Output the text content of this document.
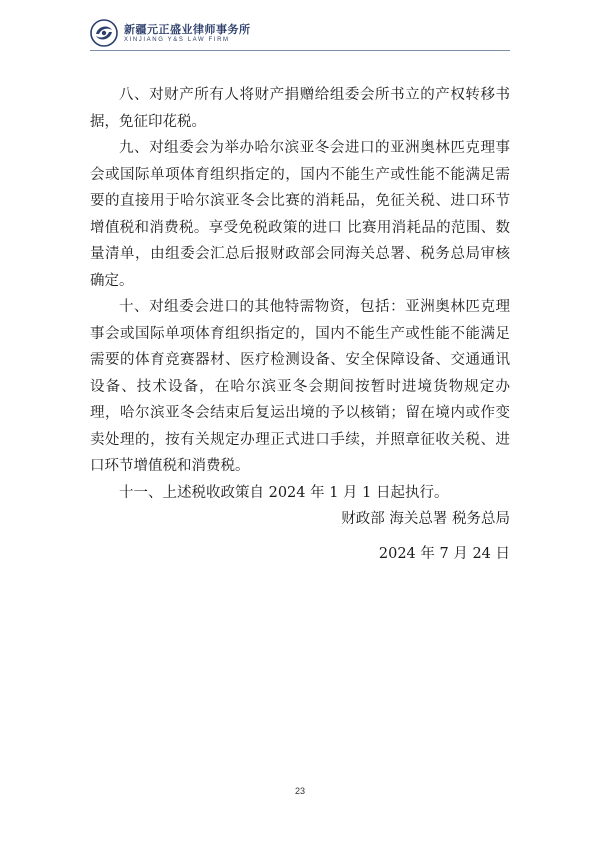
新疆元正盛业律师事务所
XINJIANG Y&S LAW FIRM

八、对财产所有人将财产捐赠给组委会所书立的产权转移书据，免征印花税。

九、对组委会为举办哈尔滨亚冬会进口的亚洲奥林匹克理事会或国际单项体育组织指定的，国内不能生产或性能不能满足需要的直接用于哈尔滨亚冬会比赛的消耗品，免征关税、进口环节增值税和消费税。享受免税政策的进口 比赛用消耗品的范围、数量清单，由组委会汇总后报财政部会同海关总署、税务总局审核确定。

十、对组委会进口的其他特需物资，包括：亚洲奥林匹克理事会或国际单项体育组织指定的，国内不能生产或性能不能满足需要的体育竞赛器材、医疗检测设备、安全保障设备、交通通讯设备、技术设备，在哈尔滨亚冬会期间按暂时进境货物规定办理，哈尔滨亚冬会结束后复运出境的予以核销；留在境内或作变卖处理的，按有关规定办理正式进口手续，并照章征收关税、进口环节增值税和消费税。

十一、上述税收政策自 2024 年 1 月 1 日起执行。

财政部 海关总署 税务总局
2024 年 7 月 24 日
23
